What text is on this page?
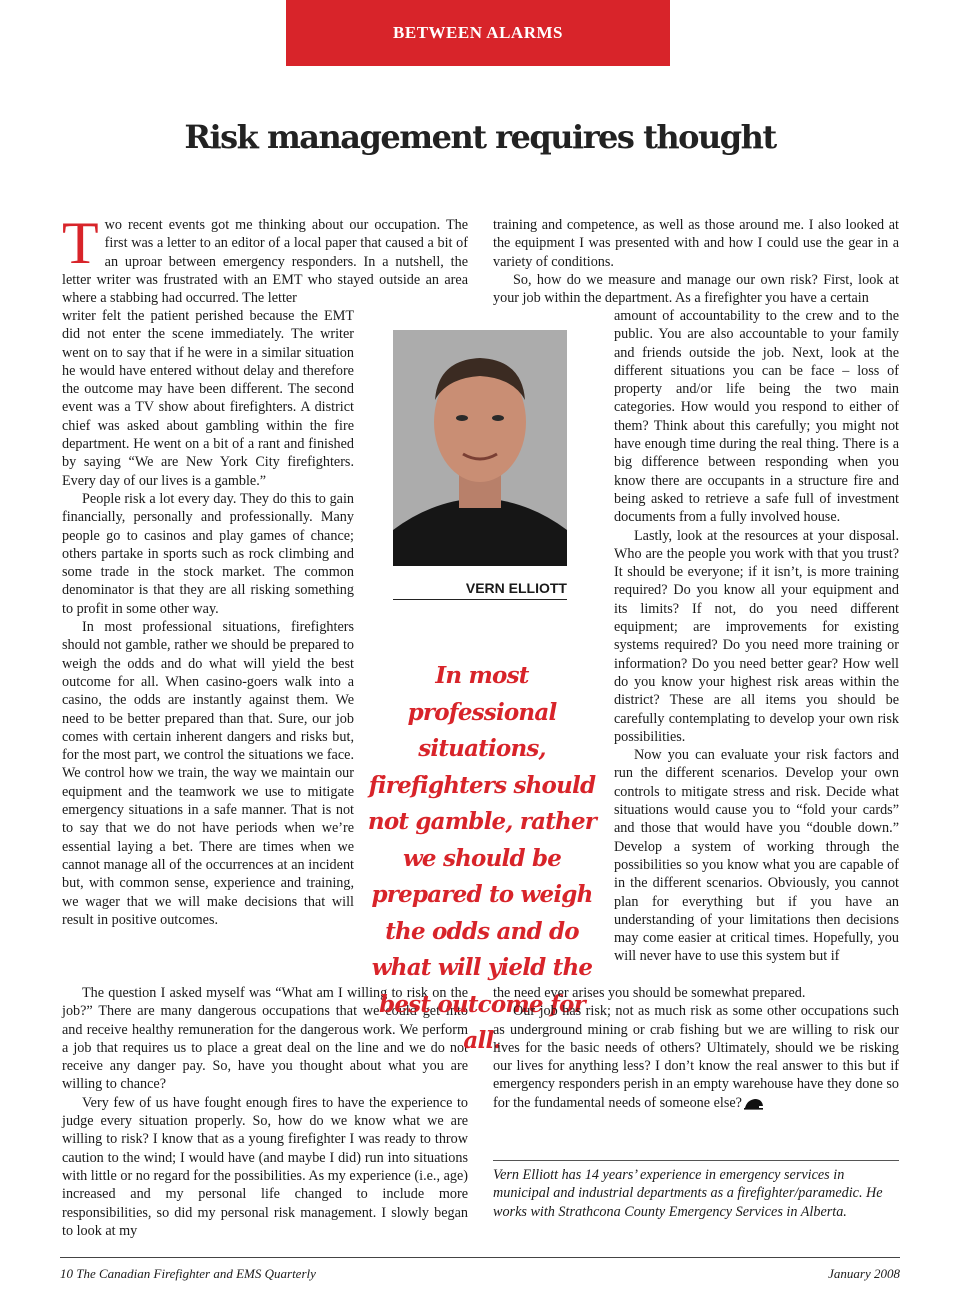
BETWEEN ALARMS
Risk management requires thought

Two recent events got me thinking about our occupation. The first was a letter to an editor of a local paper that caused a bit of an uproar between emergency responders. In a nutshell, the letter writer was frustrated with an EMT who stayed outside an area where a stabbing had occurred. The letter

writer felt the patient perished because the EMT did not enter the scene immediately. The writer went on to say that if he were in a similar situation he would have entered without delay and therefore the outcome may have been different. The second event was a TV show about firefighters. A district chief was asked about gambling within the fire department. He went on a bit of a rant and finished by saying “We are New York City firefighters. Every day of our lives is a gamble.”

People risk a lot every day. They do this to gain financially, personally and professionally. Many people go to casinos and play games of chance; others partake in sports such as rock climbing and some trade in the stock market. The common denominator is that they are all risking something to profit in some other way.

In most professional situations, firefighters should not gamble, rather we should be prepared to weigh the odds and do what will yield the best outcome for all. When casino-goers walk into a casino, the odds are instantly against them. We need to be better prepared than that. Sure, our job comes with certain inherent dangers and risks but, for the most part, we control the situations we face. We control how we train, the way we maintain our equipment and the teamwork we use to mitigate emergency situations in a safe manner. That is not to say that we do not have periods when we’re essential laying a bet. There are times when we cannot manage all of the occurrences at an incident but, with common sense, experience and training, we wager that we will make decisions that will result in positive outcomes.

The question I asked myself was “What am I willing to risk on the job?” There are many dangerous occupations that we could get into and receive healthy remuneration for the dangerous work. We perform a job that requires us to place a great deal on the line and we do not receive any danger pay. So, have you thought about what you are willing to chance?

Very few of us have fought enough fires to have the experience to judge every situation properly. So, how do we know what we are willing to risk? I know that as a young firefighter I was ready to throw caution to the wind; I would have (and maybe I did) run into situations with little or no regard for the possibilities. As my experience (i.e., age) increased and my personal life changed to include more responsibilities, so did my personal risk management. I slowly began to look at my

VERN ELLIOTT
In most professional situations, firefighters should not gamble, rather we should be prepared to weigh the odds and do what will yield the best outcome for all.

training and competence, as well as those around me. I also looked at the equipment I was presented with and how I could use the gear in a variety of conditions.

So, how do we measure and manage our own risk? First, look at your job within the department. As a firefighter you have a certain

amount of accountability to the crew and to the public. You are also accountable to your family and friends outside the job. Next, look at the different situations you can be face – loss of property and/or life being the two main categories. How would you respond to either of them? Think about this carefully; you might not have enough time during the real thing. There is a big difference between responding when you know there are occupants in a structure fire and being asked to retrieve a safe full of investment documents from a fully involved house.

Lastly, look at the resources at your disposal. Who are the people you work with that you trust? It should be everyone; if it isn’t, is more training required? Do you know all your equipment and its limits? If not, do you need different equipment; are improvements for existing systems required? Do you need more training or information? Do you need better gear? How well do you know your highest risk areas within the district? These are all items you should be carefully contemplating to develop your own risk possibilities.

Now you can evaluate your risk factors and run the different scenarios. Develop your own controls to mitigate stress and risk. Decide what situations would cause you to “fold your cards” and those that would have you “double down.” Develop a system of working through the possibilities so you know what you are capable of in the different scenarios. Obviously, you cannot plan for everything but if you have an understanding of your limitations then decisions may come easier at critical times. Hopefully, you will never have to use this system but if

the need ever arises you should be somewhat prepared.

Our job has risk; not as much risk as some other occupations such as underground mining or crab fishing but we are willing to risk our lives for the basic needs of others? Ultimately, should we be risking our lives for anything less? I don’t know the real answer to this but if emergency responders perish in an empty warehouse have they done so for the fundamental needs of someone else?

Vern Elliott has 14 years’ experience in emergency services in municipal and industrial departments as a firefighter/paramedic. He works with Strathcona County Emergency Services in Alberta.
10 The Canadian Firefighter and EMS Quarterly	January 2008
